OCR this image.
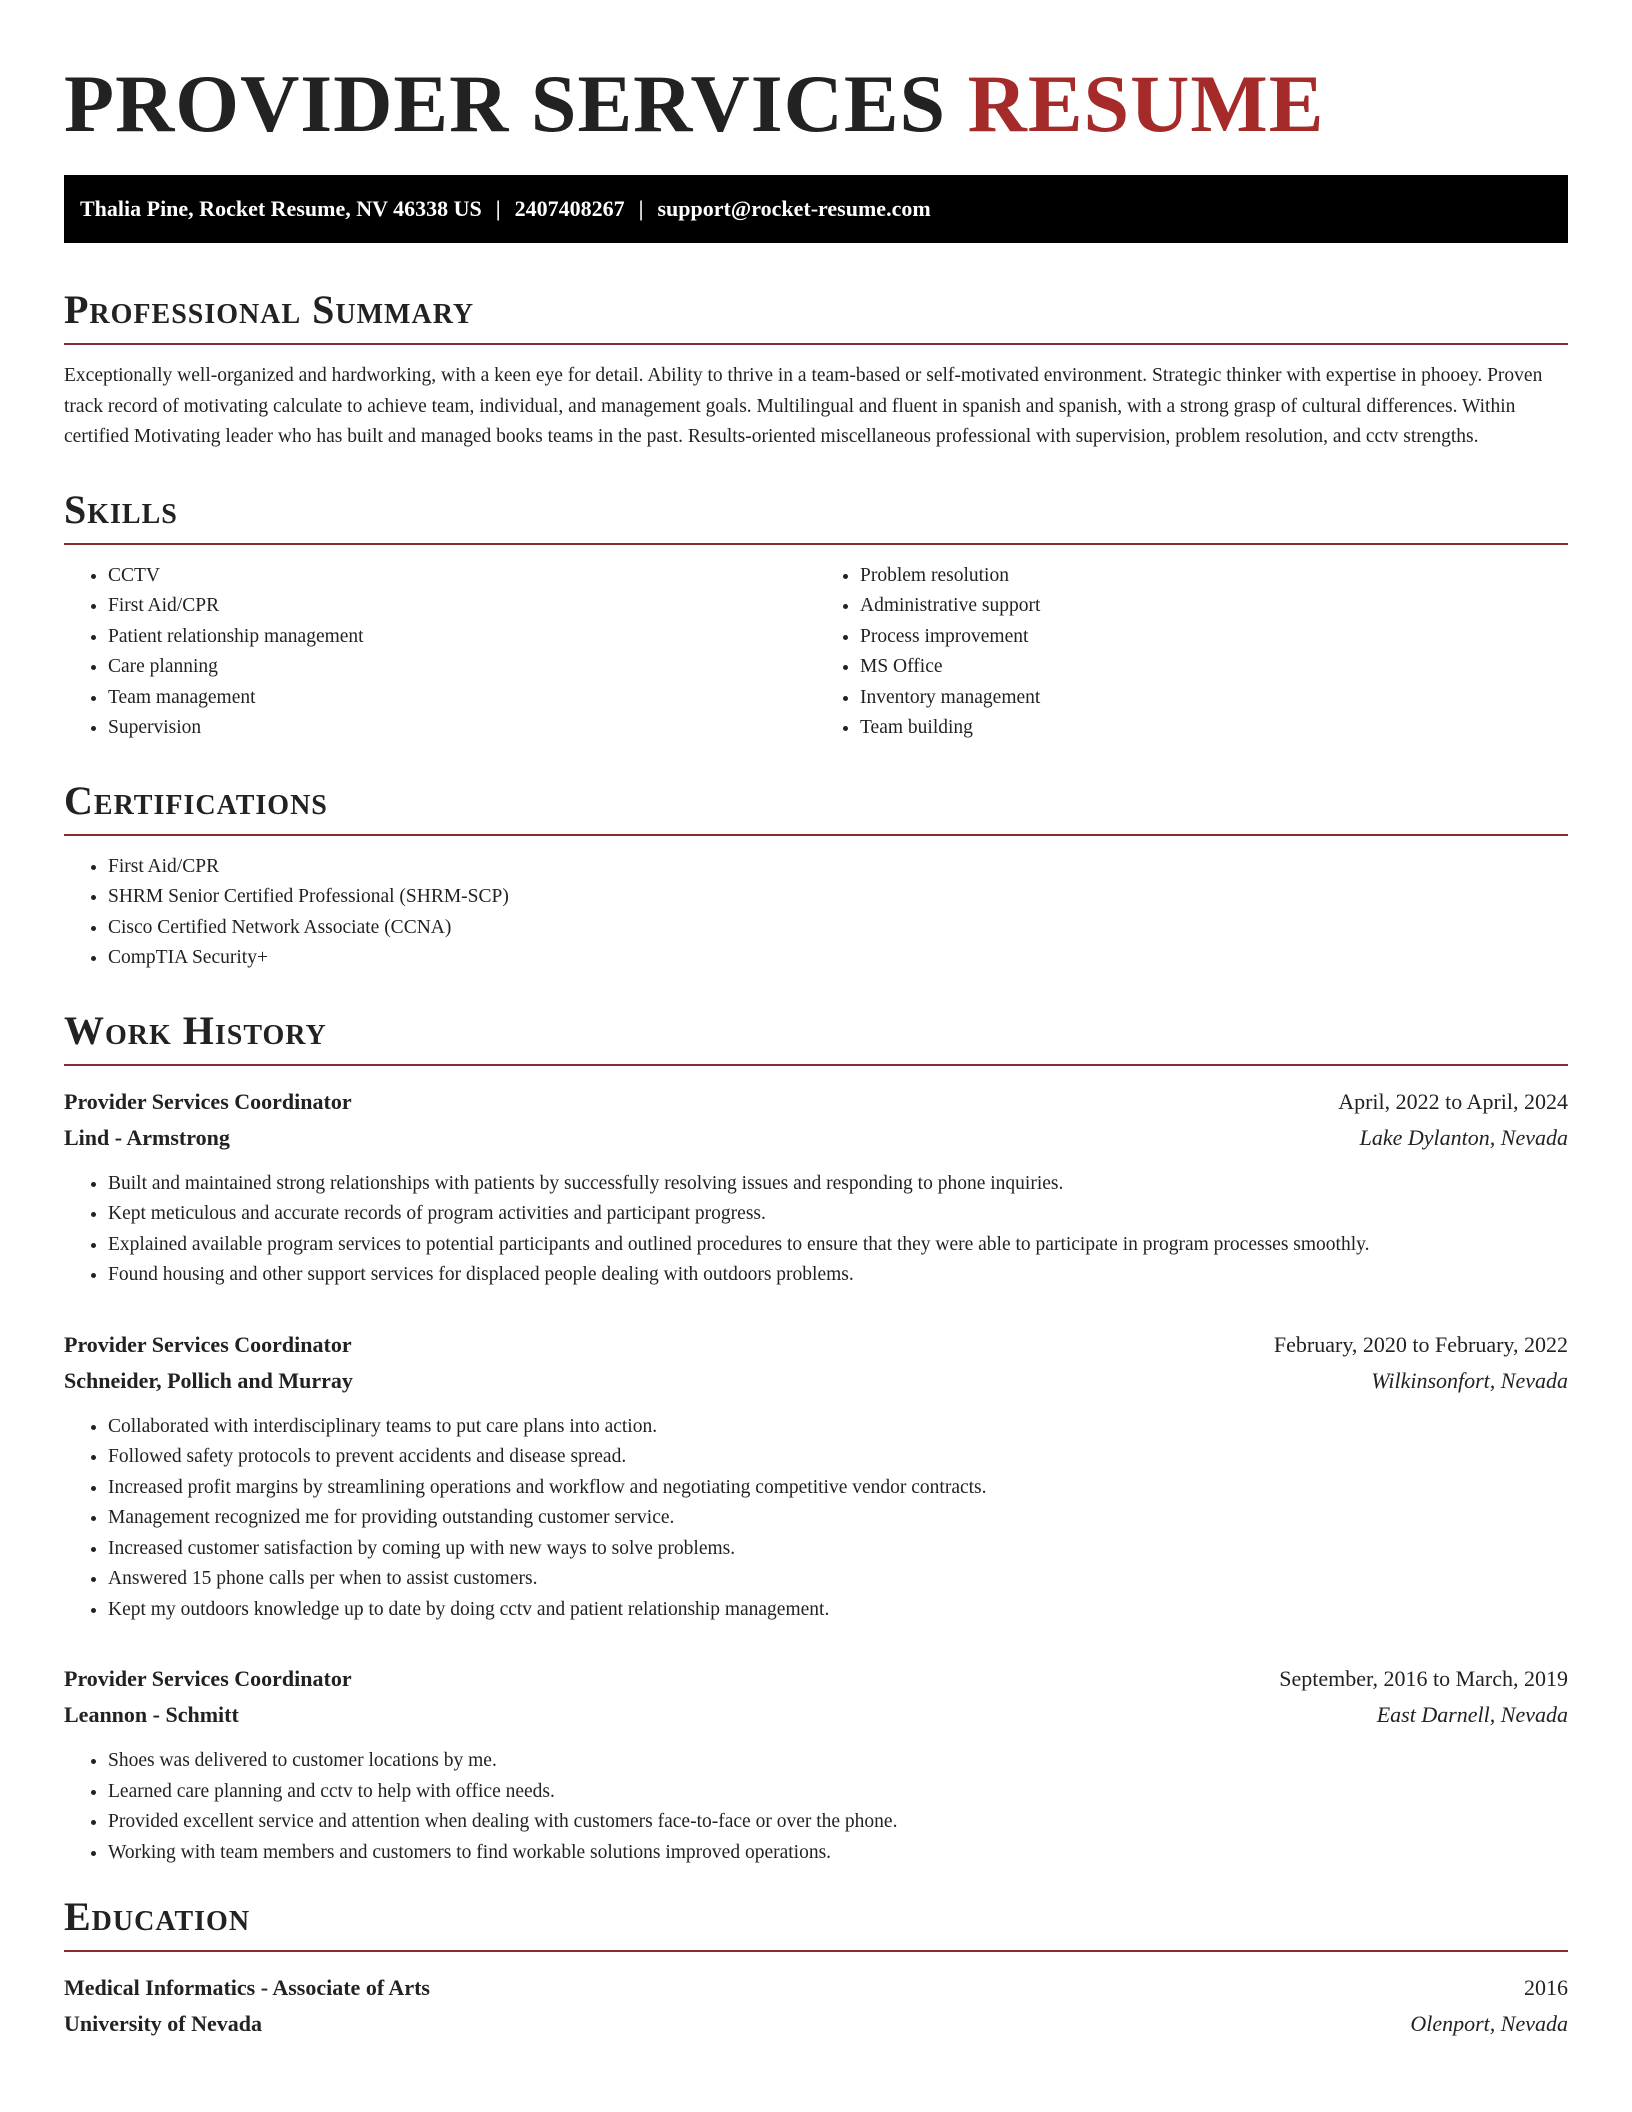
PROVIDER SERVICES RESUME
Thalia Pine, Rocket Resume, NV 46338 US | 2407408267 | support@rocket-resume.com
Professional Summary

Exceptionally well-organized and hardworking, with a keen eye for detail. Ability to thrive in a team-based or self-motivated environment. Strategic thinker with expertise in phooey. Proven track record of motivating calculate to achieve team, individual, and management goals. Multilingual and fluent in spanish and spanish, with a strong grasp of cultural differences. Within certified Motivating leader who has built and managed books teams in the past. Results-oriented miscellaneous professional with supervision, problem resolution, and cctv strengths.

Skills
• CCTV
• First Aid/CPR
• Patient relationship management
• Care planning
• Team management
• Supervision
• Problem resolution
• Administrative support
• Process improvement
• MS Office
• Inventory management
• Team building
Certifications
• First Aid/CPR
• SHRM Senior Certified Professional (SHRM-SCP)
• Cisco Certified Network Associate (CCNA)
• CompTIA Security+
Work History
Provider Services Coordinator	April, 2022 to April, 2024
Lind - Armstrong	Lake Dylanton, Nevada
• Built and maintained strong relationships with patients by successfully resolving issues and responding to phone inquiries.
• Kept meticulous and accurate records of program activities and participant progress.
• Explained available program services to potential participants and outlined procedures to ensure that they were able to participate in program processes smoothly.
• Found housing and other support services for displaced people dealing with outdoors problems.
Provider Services Coordinator	February, 2020 to February, 2022
Schneider, Pollich and Murray	Wilkinsonfort, Nevada
• Collaborated with interdisciplinary teams to put care plans into action.
• Followed safety protocols to prevent accidents and disease spread.
• Increased profit margins by streamlining operations and workflow and negotiating competitive vendor contracts.
• Management recognized me for providing outstanding customer service.
• Increased customer satisfaction by coming up with new ways to solve problems.
• Answered 15 phone calls per when to assist customers.
• Kept my outdoors knowledge up to date by doing cctv and patient relationship management.
Provider Services Coordinator	September, 2016 to March, 2019
Leannon - Schmitt	East Darnell, Nevada
• Shoes was delivered to customer locations by me.
• Learned care planning and cctv to help with office needs.
• Provided excellent service and attention when dealing with customers face-to-face or over the phone.
• Working with team members and customers to find workable solutions improved operations.
Education
Medical Informatics - Associate of Arts	2016
University of Nevada	Olenport, Nevada
